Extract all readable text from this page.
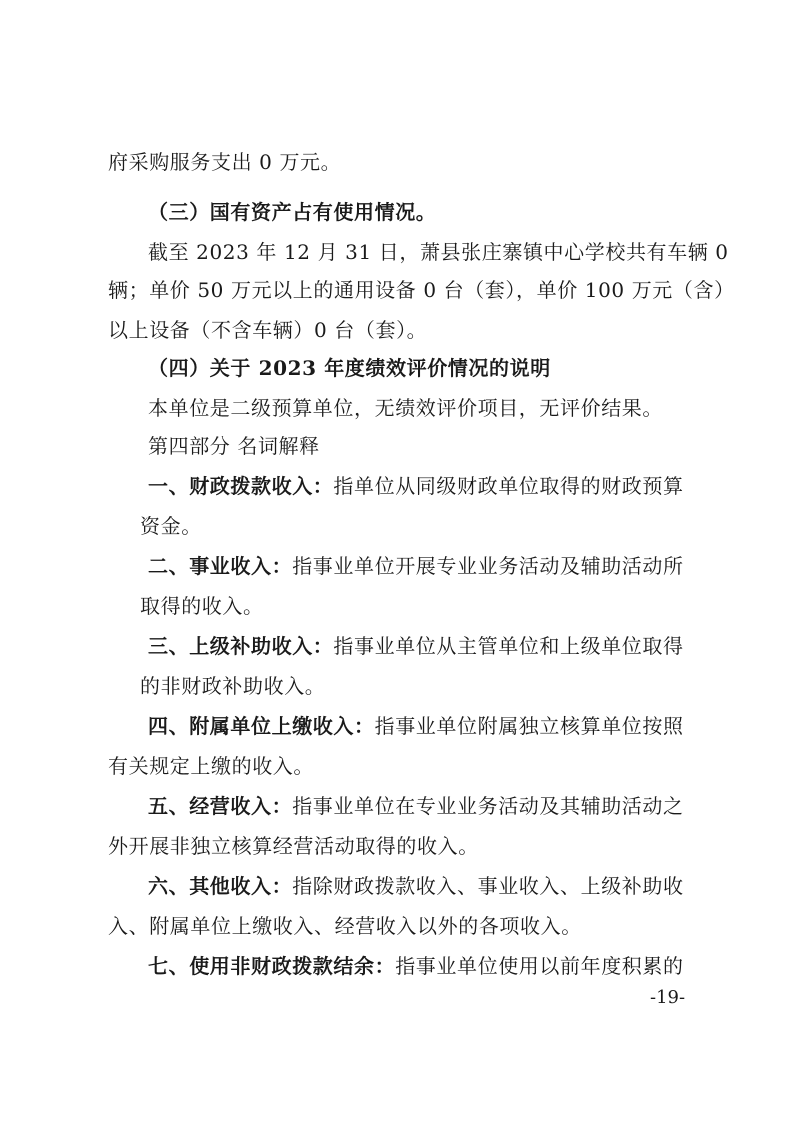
府采购服务支出 0 万元。
（三）国有资产占有使用情况。
截至 2023 年 12 月 31 日，萧县张庄寨镇中心学校共有车辆 0
辆；单价 50 万元以上的通用设备 0 台（套），单价 100 万元（含）
以上设备（不含车辆）0 台（套）。
（四）关于 2023 年度绩效评价情况的说明
本单位是二级预算单位，无绩效评价项目，无评价结果。
第四部分 名词解释
一、财政拨款收入：指单位从同级财政单位取得的财政预算
资金。
二、事业收入：指事业单位开展专业业务活动及辅助活动所
取得的收入。
三、上级补助收入：指事业单位从主管单位和上级单位取得
的非财政补助收入。
四、附属单位上缴收入：指事业单位附属独立核算单位按照
有关规定上缴的收入。
五、经营收入：指事业单位在专业业务活动及其辅助活动之
外开展非独立核算经营活动取得的收入。
六、其他收入：指除财政拨款收入、事业收入、上级补助收
入、附属单位上缴收入、经营收入以外的各项收入。
七、使用非财政拨款结余：指事业单位使用以前年度积累的
-19-
